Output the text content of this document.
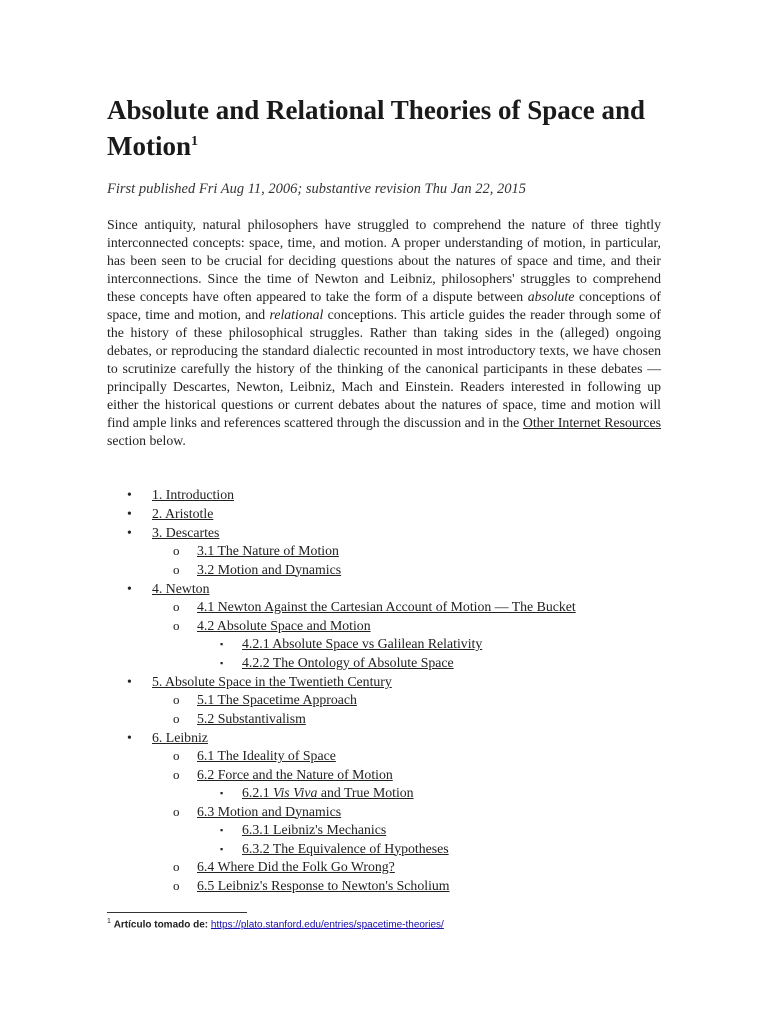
Absolute and Relational Theories of Space and Motion$^1$

First published Fri Aug 11, 2006; substantive revision Thu Jan 22, 2015

Since antiquity, natural philosophers have struggled to comprehend the nature of three tightly interconnected concepts: space, time, and motion. A proper understanding of motion, in particular, has been seen to be crucial for deciding questions about the natures of space and time, and their interconnections. Since the time of Newton and Leibniz, philosophers' struggles to comprehend these concepts have often appeared to take the form of a dispute between absolute conceptions of space, time and motion, and relational conceptions. This article guides the reader through some of the history of these philosophical struggles. Rather than taking sides in the (alleged) ongoing debates, or reproducing the standard dialectic recounted in most introductory texts, we have chosen to scrutinize carefully the history of the thinking of the canonical participants in these debates — principally Descartes, Newton, Leibniz, Mach and Einstein. Readers interested in following up either the historical questions or current debates about the natures of space, time and motion will find ample links and references scattered through the discussion and in the Other Internet Resources section below.

• 1. Introduction
• 2. Aristotle
• 3. Descartes
o 3.1 The Nature of Motion
o 3.2 Motion and Dynamics
• 4. Newton
o 4.1 Newton Against the Cartesian Account of Motion — The Bucket
o 4.2 Absolute Space and Motion
▪ 4.2.1 Absolute Space vs Galilean Relativity
▪ 4.2.2 The Ontology of Absolute Space
• 5. Absolute Space in the Twentieth Century
o 5.1 The Spacetime Approach
o 5.2 Substantivalism
• 6. Leibniz
o 6.1 The Ideality of Space
o 6.2 Force and the Nature of Motion
▪ 6.2.1 Vis Viva and True Motion
o 6.3 Motion and Dynamics
▪ 6.3.1 Leibniz's Mechanics
▪ 6.3.2 The Equivalence of Hypotheses
o 6.4 Where Did the Folk Go Wrong?
o 6.5 Leibniz's Response to Newton's Scholium
$^1$ Artículo tomado de: https://plato.stanford.edu/entries/spacetime-theories/
